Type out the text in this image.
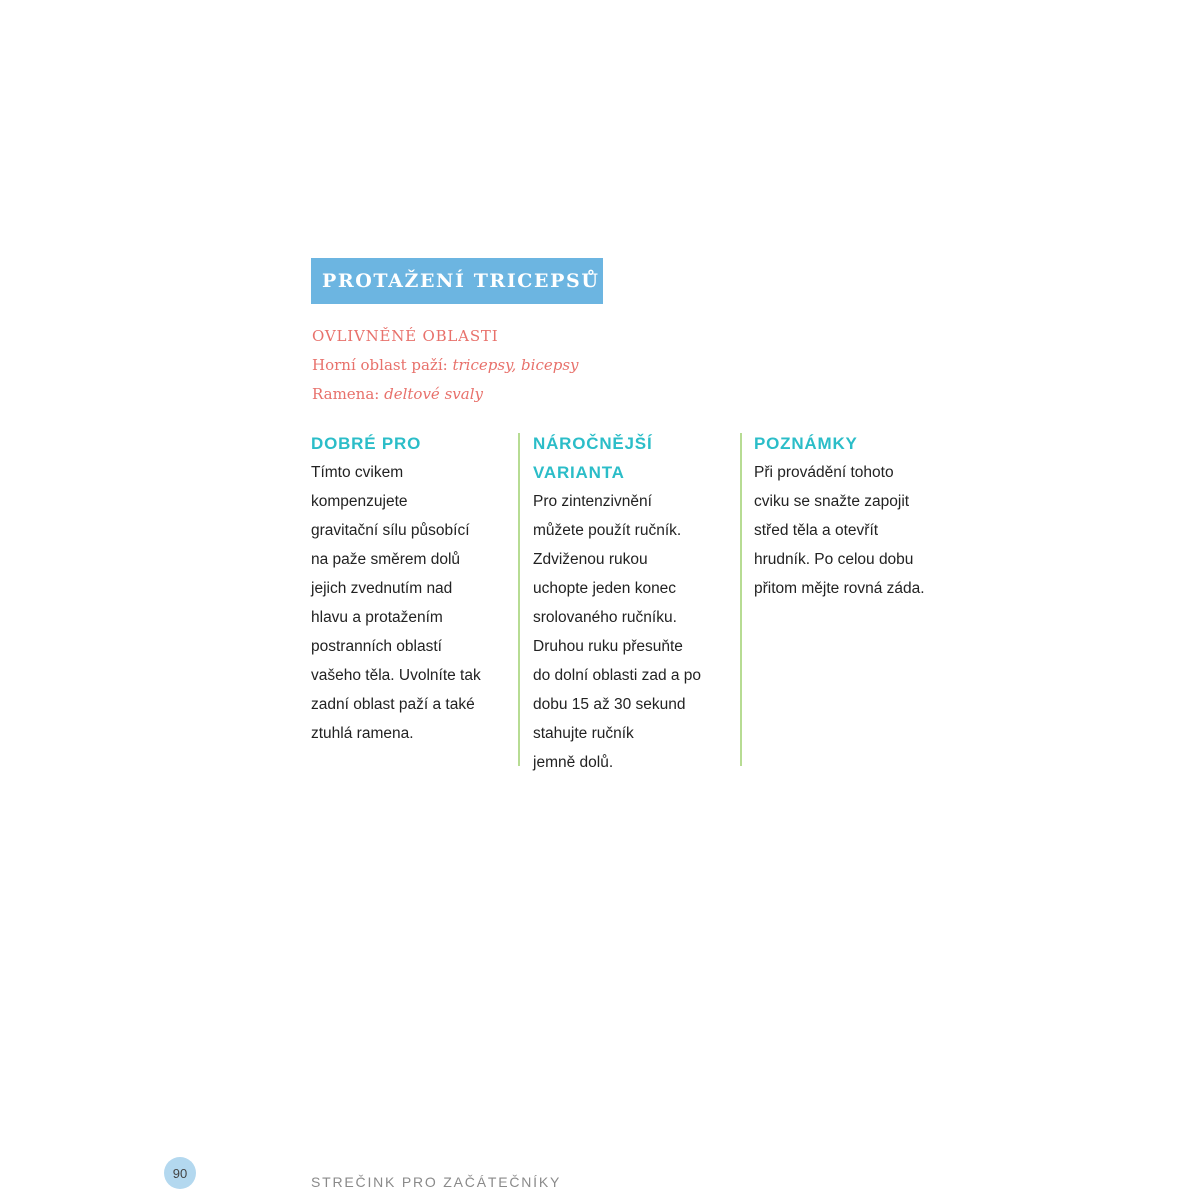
PROTAŽENÍ TRICEPSŮ
OVLIVNĚNÉ OBLASTI
Horní oblast paží: tricepsy, bicepsy
Ramena: deltové svaly
DOBRÉ PRO
Tímto cvikem
kompenzujete
gravitační sílu působící
na paže směrem dolů
jejich zvednutím nad
hlavu a protažením
postranních oblastí
vašeho těla. Uvolníte tak
zadní oblast paží a také
ztuhlá ramena.
NÁROČNĚJŠÍ
VARIANTA
Pro zintenzivnění
můžete použít ručník.
Zdviženou rukou
uchopte jeden konec
srolovaného ručníku.
Druhou ruku přesuňte
do dolní oblasti zad a po
dobu 15 až 30 sekund
stahujte ručník
jemně dolů.
POZNÁMKY
Při provádění tohoto
cviku se snažte zapojit
střed těla a otevřít
hrudník. Po celou dobu
přitom mějte rovná záda.
90
STREČINK PRO ZAČÁTEČNÍKY
